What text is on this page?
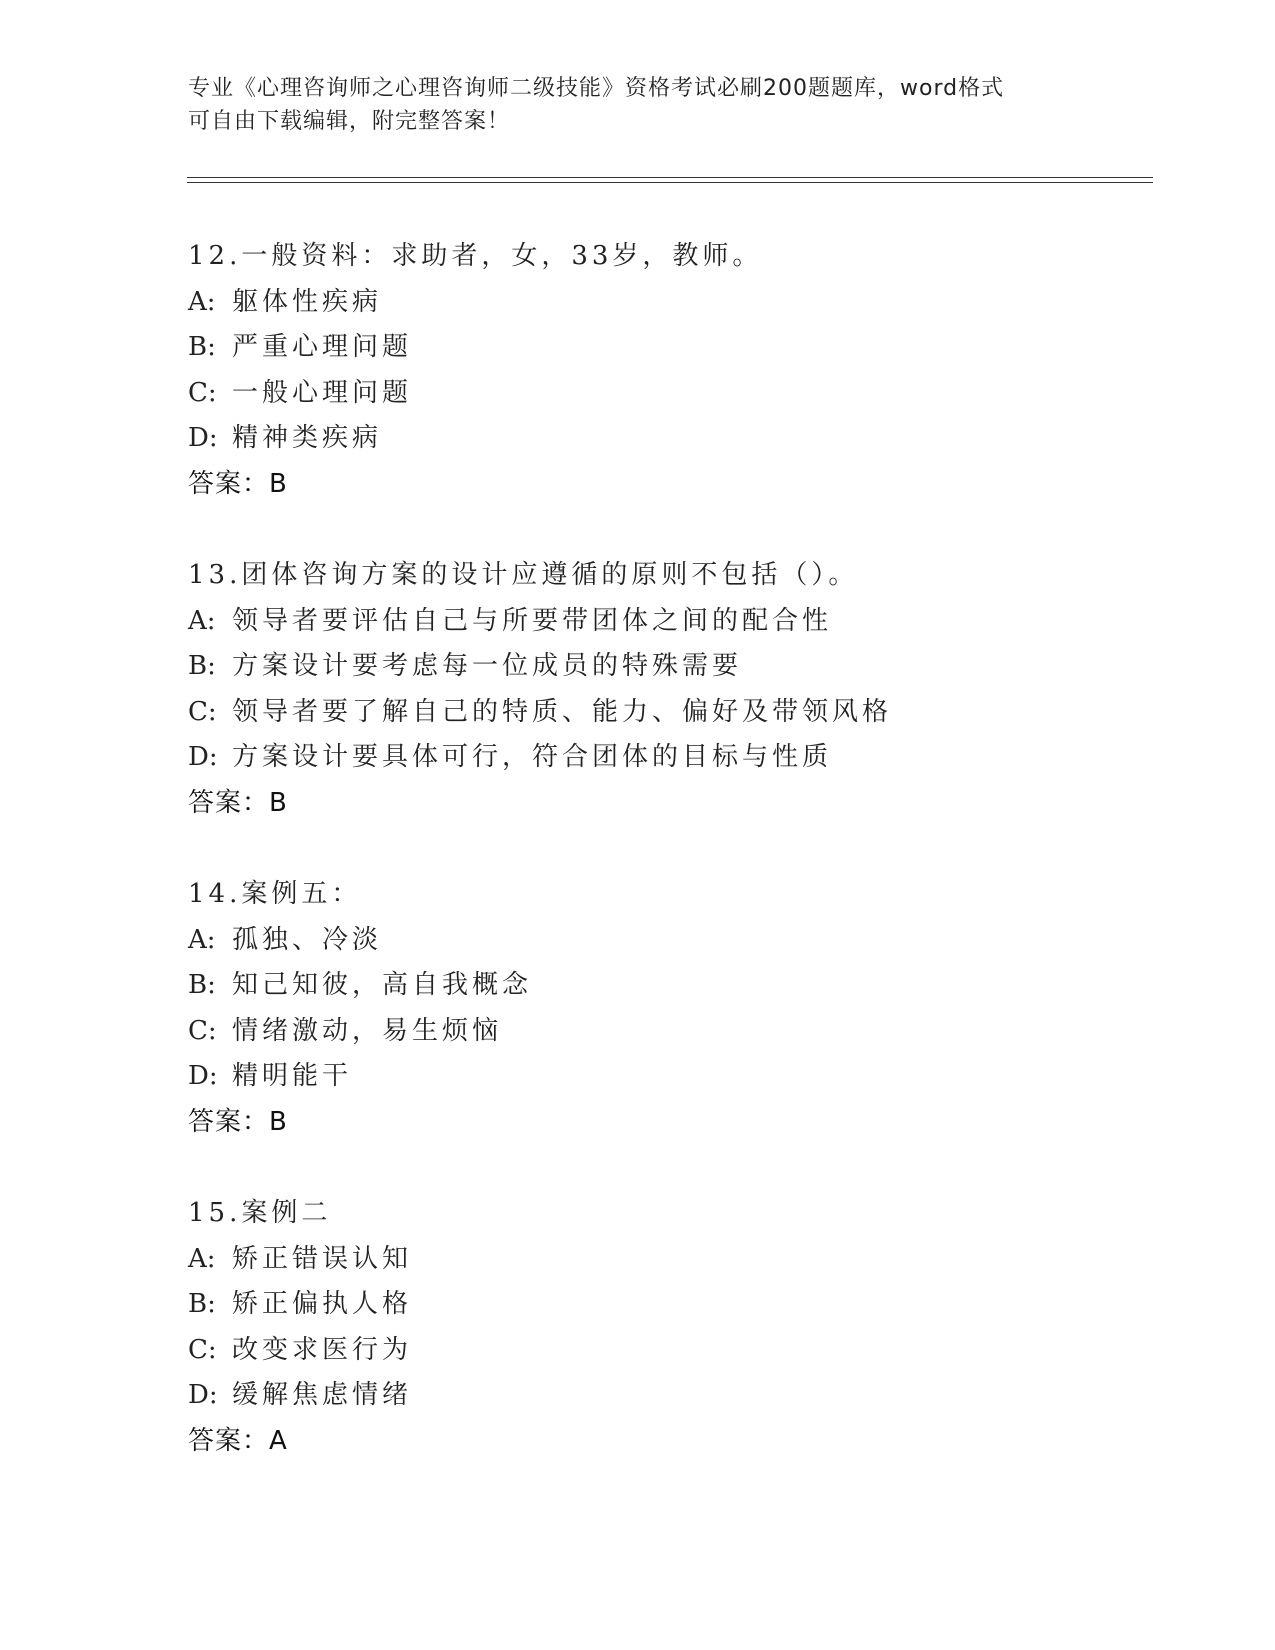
专业《心理咨询师之心理咨询师二级技能》资格考试必刷200题题库，word格式
可自由下载编辑，附完整答案！
12.一般资料：求助者，女，33岁，教师。
A: 躯体性疾病
B: 严重心理问题
C: 一般心理问题
D: 精神类疾病
答案：B
13.团体咨询方案的设计应遵循的原则不包括（）。
A: 领导者要评估自己与所要带团体之间的配合性
B: 方案设计要考虑每一位成员的特殊需要
C: 领导者要了解自己的特质、能力、偏好及带领风格
D: 方案设计要具体可行，符合团体的目标与性质
答案：B
14.案例五：
A: 孤独、冷淡
B: 知己知彼，高自我概念
C: 情绪激动，易生烦恼
D: 精明能干
答案：B
15.案例二
A: 矫正错误认知
B: 矫正偏执人格
C: 改变求医行为
D: 缓解焦虑情绪
答案：A
